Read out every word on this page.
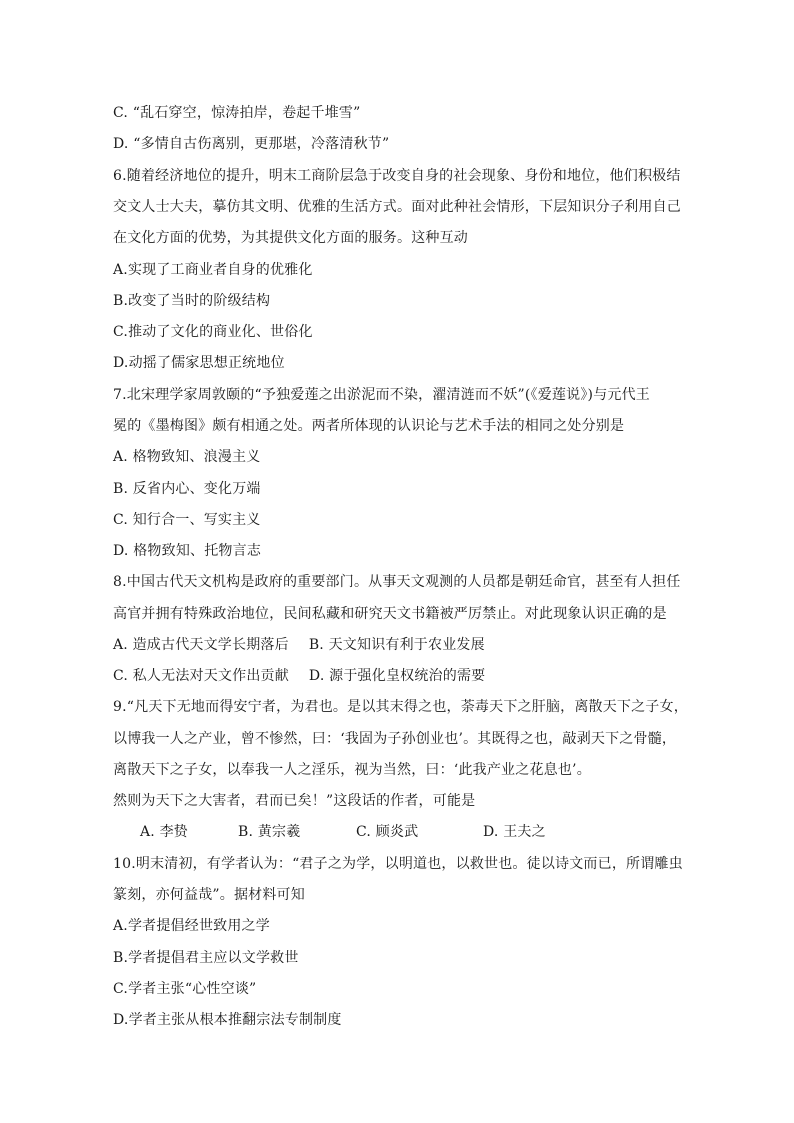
C. “乱石穿空，惊涛拍岸，卷起千堆雪”
D. “多情自古伤离别，更那堪，冷落清秋节”
6.随着经济地位的提升，明末工商阶层急于改变自身的社会现象、身份和地位，他们积极结
交文人士大夫，摹仿其文明、优雅的生活方式。面对此种社会情形，下层知识分子利用自己
在文化方面的优势，为其提供文化方面的服务。这种互动
A.实现了工商业者自身的优雅化
B.改变了当时的阶级结构
C.推动了文化的商业化、世俗化
D.动摇了儒家思想正统地位
7.北宋理学家周敦颐的“予独爱莲之出淤泥而不染，濯清涟而不妖”(《爱莲说》)与元代王
冕的《墨梅图》颇有相通之处。两者所体现的认识论与艺术手法的相同之处分别是
A. 格物致知、浪漫主义
B. 反省内心、变化万端
C. 知行合一、写实主义
D. 格物致知、托物言志
8.中国古代天文机构是政府的重要部门。从事天文观测的人员都是朝廷命官，甚至有人担任
高官并拥有特殊政治地位，民间私藏和研究天文书籍被严厉禁止。对此现象认识正确的是
A. 造成古代天文学长期落后 B. 天文知识有利于农业发展
C. 私人无法对天文作出贡献 D. 源于强化皇权统治的需要
9.“凡天下无地而得安宁者，为君也。是以其末得之也，荼毒天下之肝脑，离散天下之子女，
以博我一人之产业，曾不惨然，曰：‘我固为子孙创业也’。其既得之也，敲剥天下之骨髓，
离散天下之子女，以奉我一人之淫乐，视为当然，曰：‘此我产业之花息也’。
然则为天下之大害者，君而已矣！”这段话的作者，可能是
A. 李贽	B. 黄宗羲	C. 顾炎武	D. 王夫之
10.明末清初，有学者认为：“君子之为学，以明道也，以救世也。徒以诗文而已，所谓雕虫
篆刻，亦何益哉”。据材料可知
A.学者提倡经世致用之学
B.学者提倡君主应以文学救世
C.学者主张“心性空谈”
D.学者主张从根本推翻宗法专制制度
